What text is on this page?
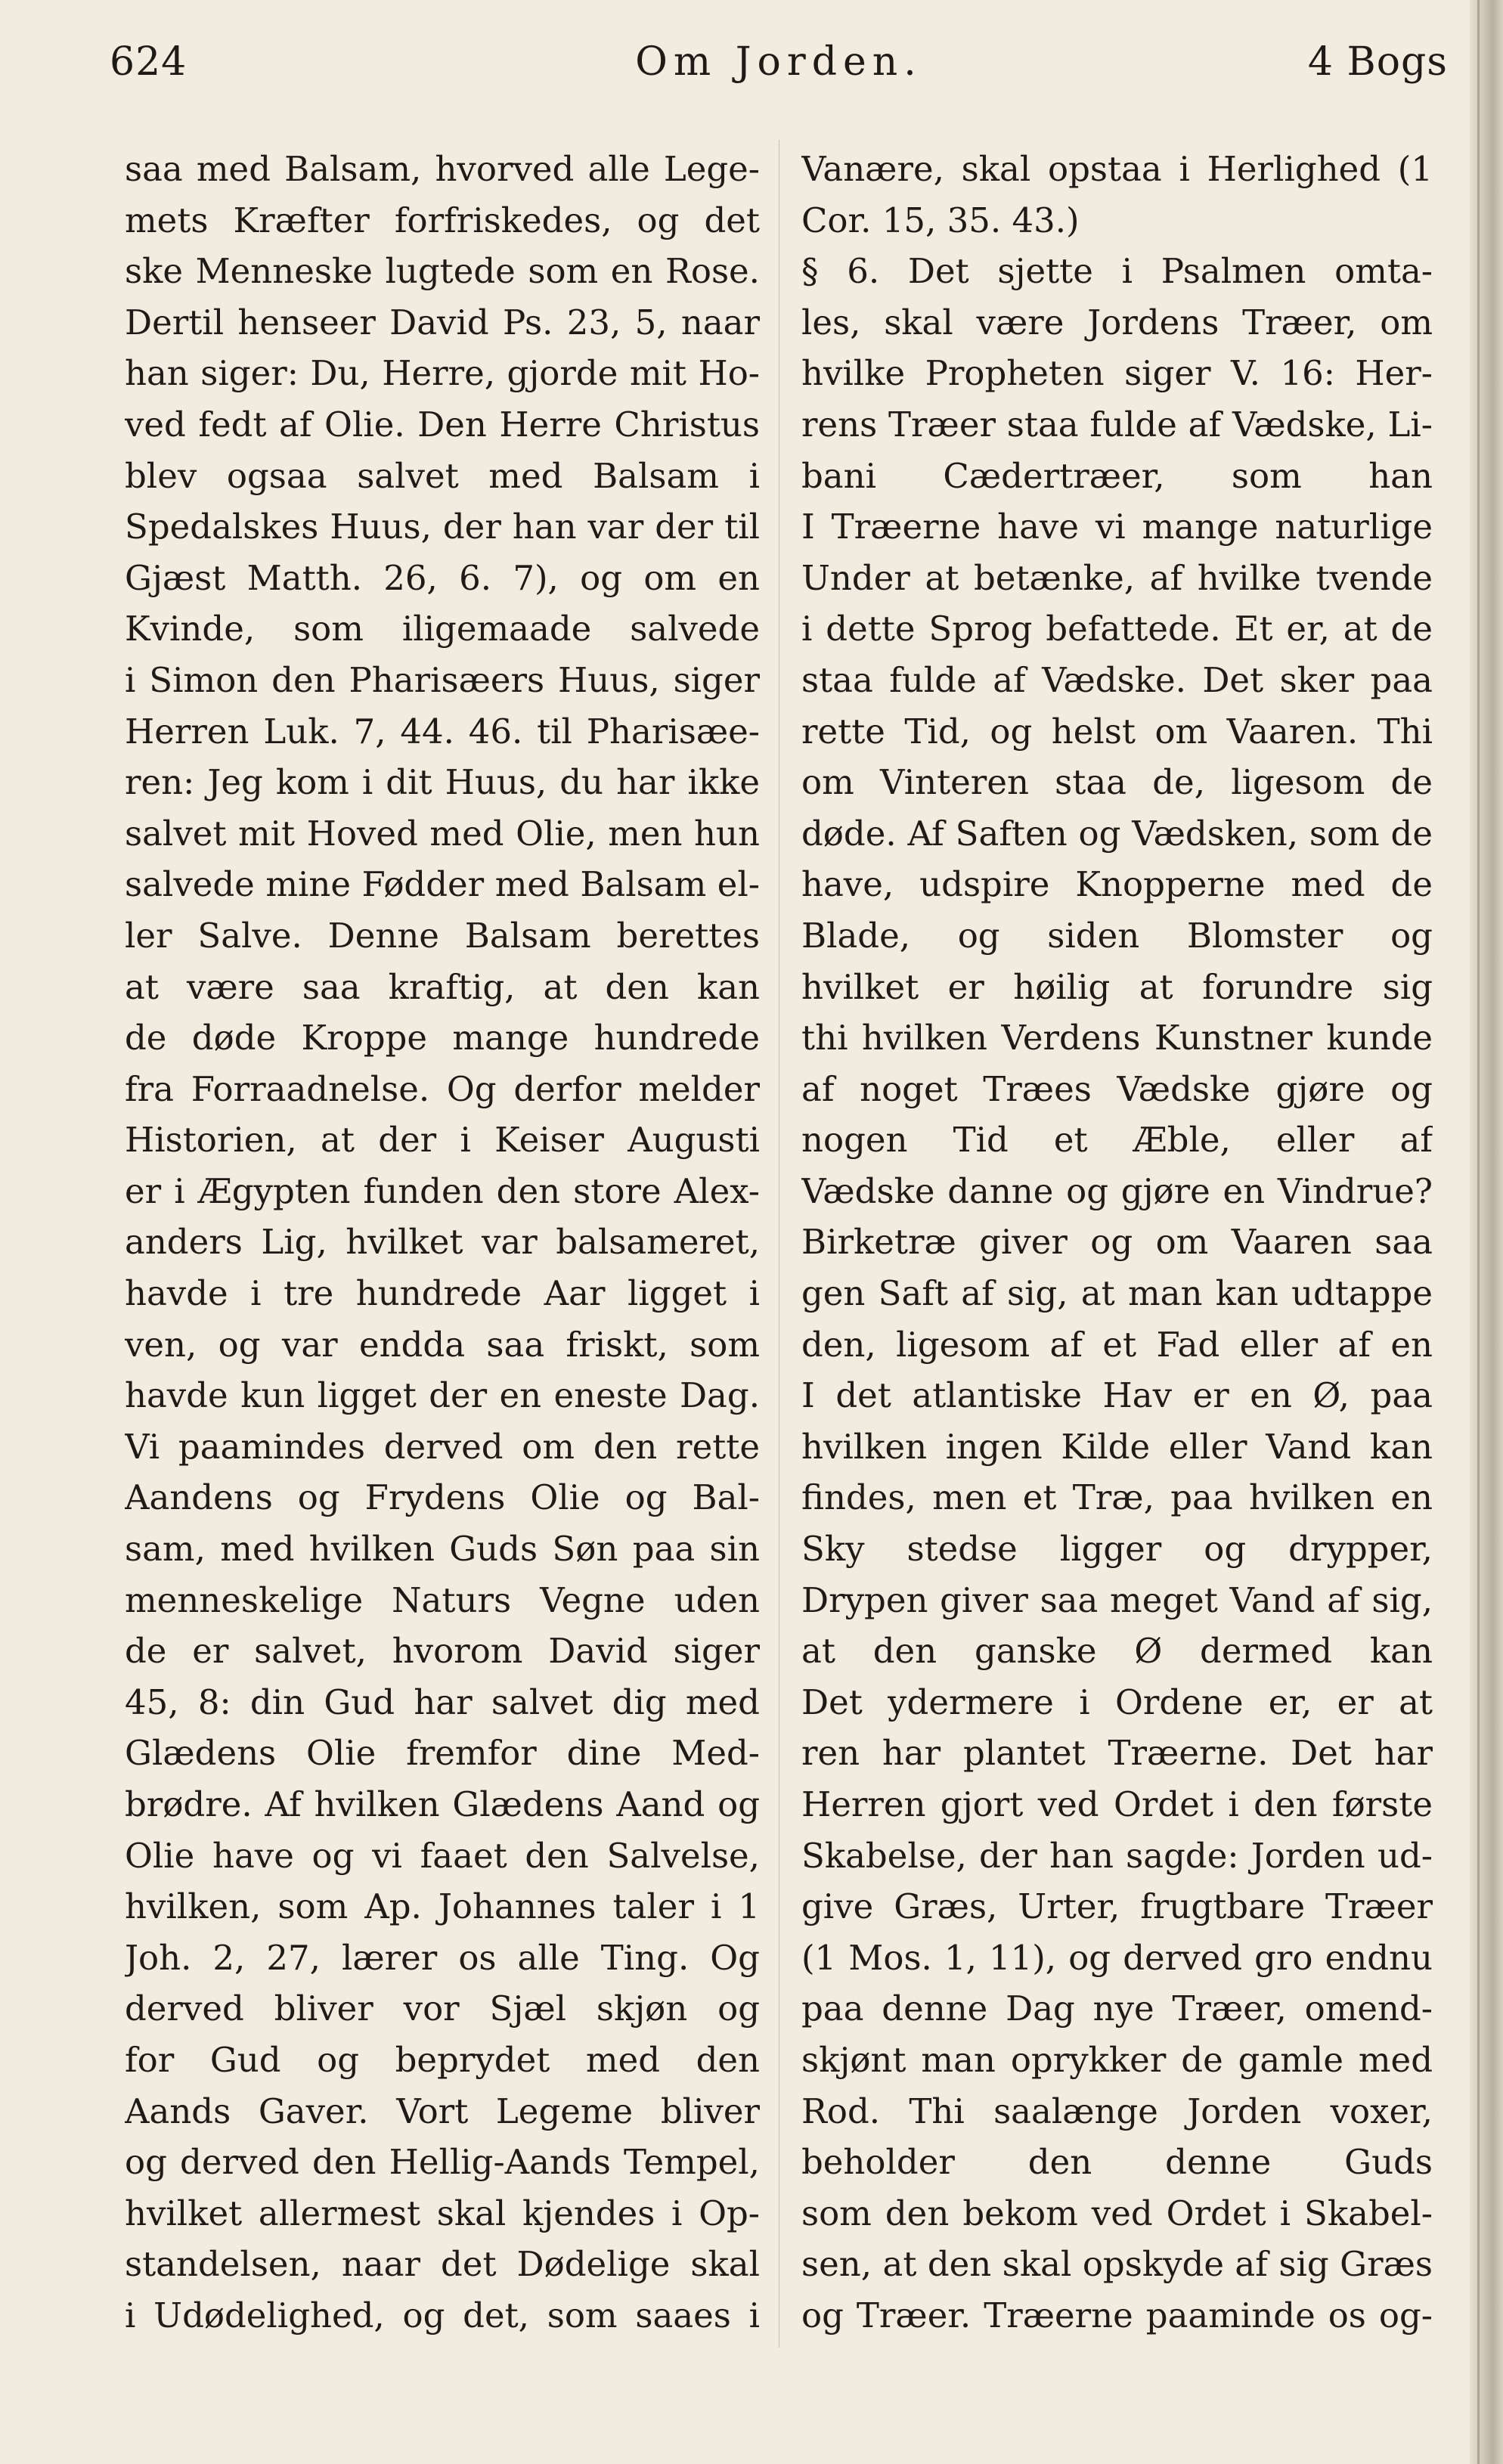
Om Jorden.
624	4 Bogs
saa med Balsam, hvorved alle Lege-
mets Kræfter forfriskedes, og det
ske Menneske lugtede som en Rose.
Dertil henseer David Ps. 23, 5, naar
han siger: Du, Herre, gjorde mit Ho-
ved fedt af Olie. Den Herre Christus
blev ogsaa salvet med Balsam i
Spedalskes Huus, der han var der til
Gjæst Matth. 26, 6. 7), og om en
Kvinde, som iligemaade salvede
i Simon den Pharisæers Huus, siger
Herren Luk. 7, 44. 46. til Pharisæe-
ren: Jeg kom i dit Huus, du har ikke
salvet mit Hoved med Olie, men hun
salvede mine Fødder med Balsam el-
ler Salve. Denne Balsam berettes
at være saa kraftig, at den kan
de døde Kroppe mange hundrede
fra Forraadnelse. Og derfor melder
Historien, at der i Keiser Augusti
er i Ægypten funden den store Alex-
anders Lig, hvilket var balsameret,
havde i tre hundrede Aar ligget i
ven, og var endda saa friskt, som
havde kun ligget der en eneste Dag.
Vi paamindes derved om den rette
Aandens og Frydens Olie og Bal-
sam, med hvilken Guds Søn paa sin
menneskelige Naturs Vegne uden
de er salvet, hvorom David siger
45, 8: din Gud har salvet dig med
Glædens Olie fremfor dine Med-
brødre. Af hvilken Glædens Aand og
Olie have og vi faaet den Salvelse,
hvilken, som Ap. Johannes taler i 1
Joh. 2, 27, lærer os alle Ting. Og
derved bliver vor Sjæl skjøn og
for Gud og beprydet med den
Aands Gaver. Vort Legeme bliver
og derved den Hellig-Aands Tempel,
hvilket allermest skal kjendes i Op-
standelsen, naar det Dødelige skal
i Udødelighed, og det, som saaes i
Vanære, skal opstaa i Herlighed (1
Cor. 15, 35. 43.)
§ 6. Det sjette i Psalmen omta-
les, skal være Jordens Træer, om
hvilke Propheten siger V. 16: Her-
rens Træer staa fulde af Vædske, Li-
bani Cædertræer, som han
I Træerne have vi mange naturlige
Under at betænke, af hvilke tvende
i dette Sprog befattede. Et er, at de
staa fulde af Vædske. Det sker paa
rette Tid, og helst om Vaaren. Thi
om Vinteren staa de, ligesom de
døde. Af Saften og Vædsken, som de
have, udspire Knopperne med de
Blade, og siden Blomster og
hvilket er høilig at forundre sig
thi hvilken Verdens Kunstner kunde
af noget Træes Vædske gjøre og
nogen Tid et Æble, eller af
Vædske danne og gjøre en Vindrue?
Birketræ giver og om Vaaren saa
gen Saft af sig, at man kan udtappe
den, ligesom af et Fad eller af en
I det atlantiske Hav er en Ø, paa
hvilken ingen Kilde eller Vand kan
findes, men et Træ, paa hvilken en
Sky stedse ligger og drypper,
Drypen giver saa meget Vand af sig,
at den ganske Ø dermed kan
Det ydermere i Ordene er, er at
ren har plantet Træerne. Det har
Herren gjort ved Ordet i den første
Skabelse, der han sagde: Jorden ud-
give Græs, Urter, frugtbare Træer
(1 Mos. 1, 11), og derved gro endnu
paa denne Dag nye Træer, omend-
skjønt man oprykker de gamle med
Rod. Thi saalænge Jorden voxer,
beholder den denne Guds
som den bekom ved Ordet i Skabel-
sen, at den skal opskyde af sig Græs
og Træer. Træerne paaminde os og-
